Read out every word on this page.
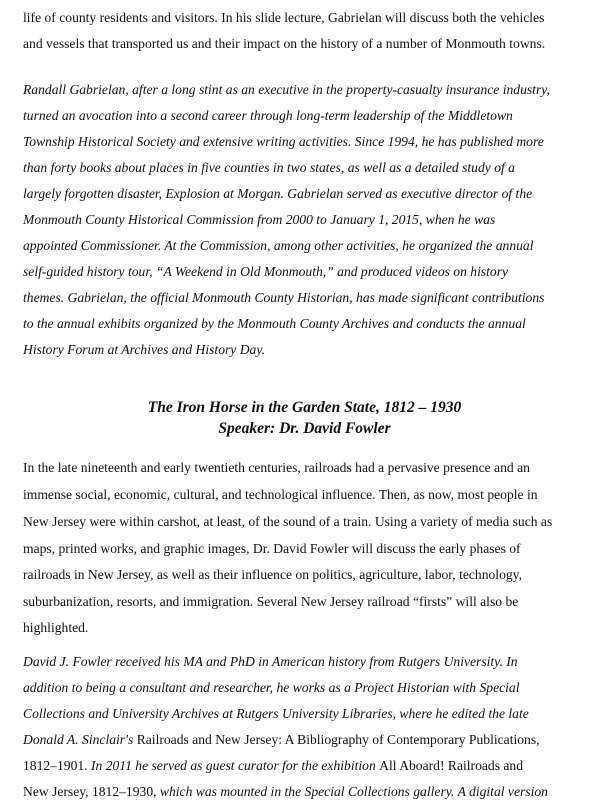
life of county residents and visitors. In his slide lecture, Gabrielan will discuss both the vehicles
and vessels that transported us and their impact on the history of a number of Monmouth towns.
Randall Gabrielan, after a long stint as an executive in the property-casualty insurance industry,
turned an avocation into a second career through long-term leadership of the Middletown
Township Historical Society and extensive writing activities. Since 1994, he has published more
than forty books about places in five counties in two states, as well as a detailed study of a
largely forgotten disaster, Explosion at Morgan. Gabrielan served as executive director of the
Monmouth County Historical Commission from 2000 to January 1, 2015, when he was
appointed Commissioner. At the Commission, among other activities, he organized the annual
self-guided history tour, “A Weekend in Old Monmouth,” and produced videos on history
themes. Gabrielan, the official Monmouth County Historian, has made significant contributions
to the annual exhibits organized by the Monmouth County Archives and conducts the annual
History Forum at Archives and History Day.
The Iron Horse in the Garden State, 1812 – 1930
Speaker: Dr. David Fowler
In the late nineteenth and early twentieth centuries, railroads had a pervasive presence and an
immense social, economic, cultural, and technological influence. Then, as now, most people in
New Jersey were within carshot, at least, of the sound of a train. Using a variety of media such as
maps, printed works, and graphic images, Dr. David Fowler will discuss the early phases of
railroads in New Jersey, as well as their influence on politics, agriculture, labor, technology,
suburbanization, resorts, and immigration. Several New Jersey railroad “firsts” will also be
highlighted.
David J. Fowler received his MA and PhD in American history from Rutgers University. In
addition to being a consultant and researcher, he works as a Project Historian with Special
Collections and University Archives at Rutgers University Libraries, where he edited the late
Donald A. Sinclair's Railroads and New Jersey: A Bibliography of Contemporary Publications,
1812–1901. In 2011 he served as guest curator for the exhibition All Aboard! Railroads and
New Jersey, 1812–1930, which was mounted in the Special Collections gallery. A digital version
